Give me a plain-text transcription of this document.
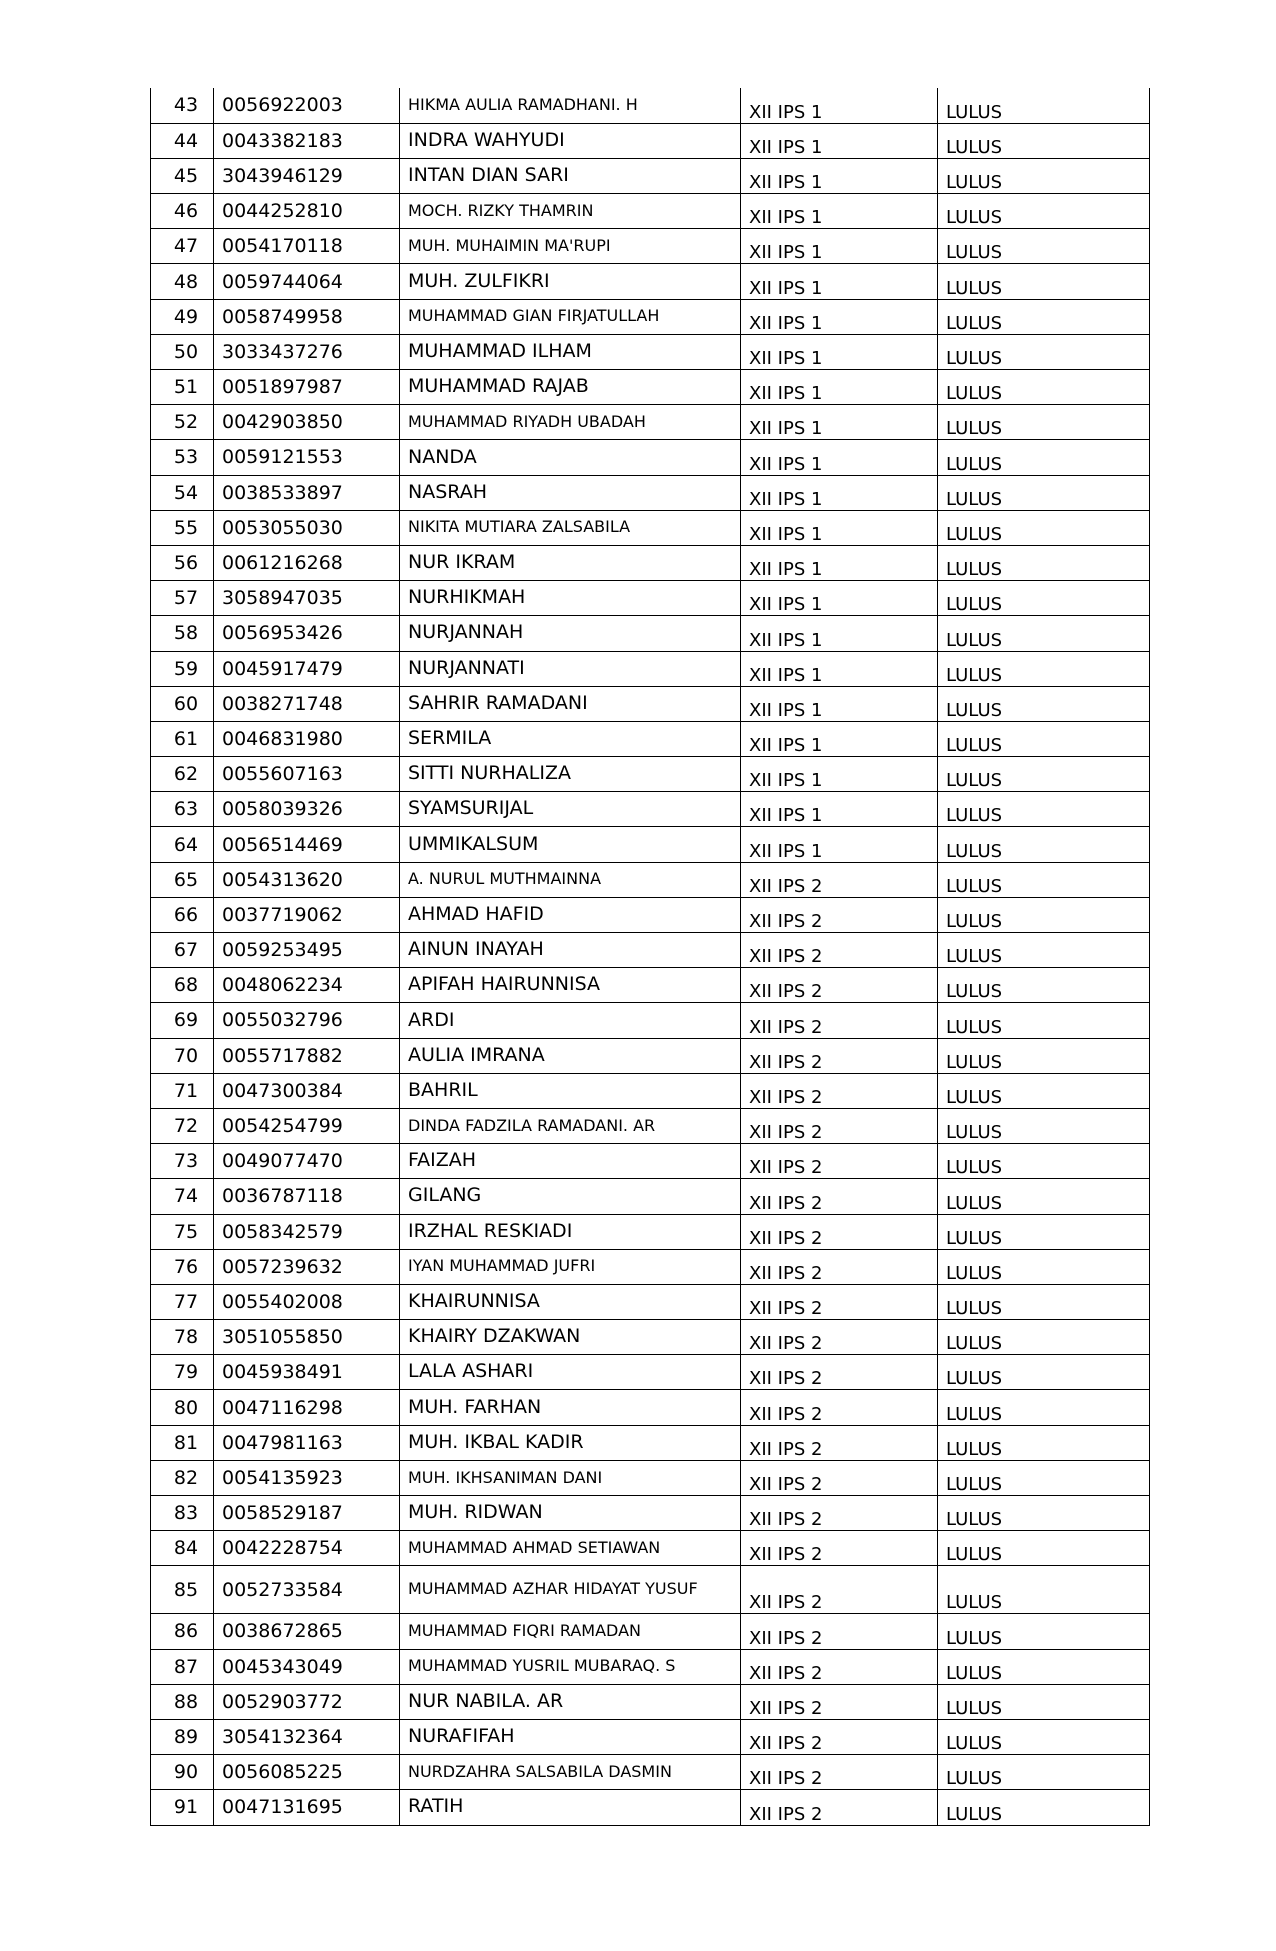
43	0056922003	HIKMA AULIA RAMADHANI. H	XII IPS 1	LULUS
44	0043382183	INDRA WAHYUDI	XII IPS 1	LULUS
45	3043946129	INTAN DIAN SARI	XII IPS 1	LULUS
46	0044252810	MOCH. RIZKY THAMRIN	XII IPS 1	LULUS
47	0054170118	MUH. MUHAIMIN MA'RUPI	XII IPS 1	LULUS
48	0059744064	MUH. ZULFIKRI	XII IPS 1	LULUS
49	0058749958	MUHAMMAD GIAN FIRJATULLAH	XII IPS 1	LULUS
50	3033437276	MUHAMMAD ILHAM	XII IPS 1	LULUS
51	0051897987	MUHAMMAD RAJAB	XII IPS 1	LULUS
52	0042903850	MUHAMMAD RIYADH UBADAH	XII IPS 1	LULUS
53	0059121553	NANDA	XII IPS 1	LULUS
54	0038533897	NASRAH	XII IPS 1	LULUS
55	0053055030	NIKITA MUTIARA ZALSABILA	XII IPS 1	LULUS
56	0061216268	NUR IKRAM	XII IPS 1	LULUS
57	3058947035	NURHIKMAH	XII IPS 1	LULUS
58	0056953426	NURJANNAH	XII IPS 1	LULUS
59	0045917479	NURJANNATI	XII IPS 1	LULUS
60	0038271748	SAHRIR RAMADANI	XII IPS 1	LULUS
61	0046831980	SERMILA	XII IPS 1	LULUS
62	0055607163	SITTI NURHALIZA	XII IPS 1	LULUS
63	0058039326	SYAMSURIJAL	XII IPS 1	LULUS
64	0056514469	UMMIKALSUM	XII IPS 1	LULUS
65	0054313620	A. NURUL MUTHMAINNA	XII IPS 2	LULUS
66	0037719062	AHMAD HAFID	XII IPS 2	LULUS
67	0059253495	AINUN INAYAH	XII IPS 2	LULUS
68	0048062234	APIFAH HAIRUNNISA	XII IPS 2	LULUS
69	0055032796	ARDI	XII IPS 2	LULUS
70	0055717882	AULIA IMRANA	XII IPS 2	LULUS
71	0047300384	BAHRIL	XII IPS 2	LULUS
72	0054254799	DINDA FADZILA RAMADANI. AR	XII IPS 2	LULUS
73	0049077470	FAIZAH	XII IPS 2	LULUS
74	0036787118	GILANG	XII IPS 2	LULUS
75	0058342579	IRZHAL RESKIADI	XII IPS 2	LULUS
76	0057239632	IYAN MUHAMMAD JUFRI	XII IPS 2	LULUS
77	0055402008	KHAIRUNNISA	XII IPS 2	LULUS
78	3051055850	KHAIRY DZAKWAN	XII IPS 2	LULUS
79	0045938491	LALA ASHARI	XII IPS 2	LULUS
80	0047116298	MUH. FARHAN	XII IPS 2	LULUS
81	0047981163	MUH. IKBAL KADIR	XII IPS 2	LULUS
82	0054135923	MUH. IKHSANIMAN DANI	XII IPS 2	LULUS
83	0058529187	MUH. RIDWAN	XII IPS 2	LULUS
84	0042228754	MUHAMMAD AHMAD SETIAWAN	XII IPS 2	LULUS
85	0052733584	MUHAMMAD AZHAR HIDAYAT YUSUF	XII IPS 2	LULUS
86	0038672865	MUHAMMAD FIQRI RAMADAN	XII IPS 2	LULUS
87	0045343049	MUHAMMAD YUSRIL MUBARAQ. S	XII IPS 2	LULUS
88	0052903772	NUR NABILA. AR	XII IPS 2	LULUS
89	3054132364	NURAFIFAH	XII IPS 2	LULUS
90	0056085225	NURDZAHRA SALSABILA DASMIN	XII IPS 2	LULUS
91	0047131695	RATIH	XII IPS 2	LULUS
